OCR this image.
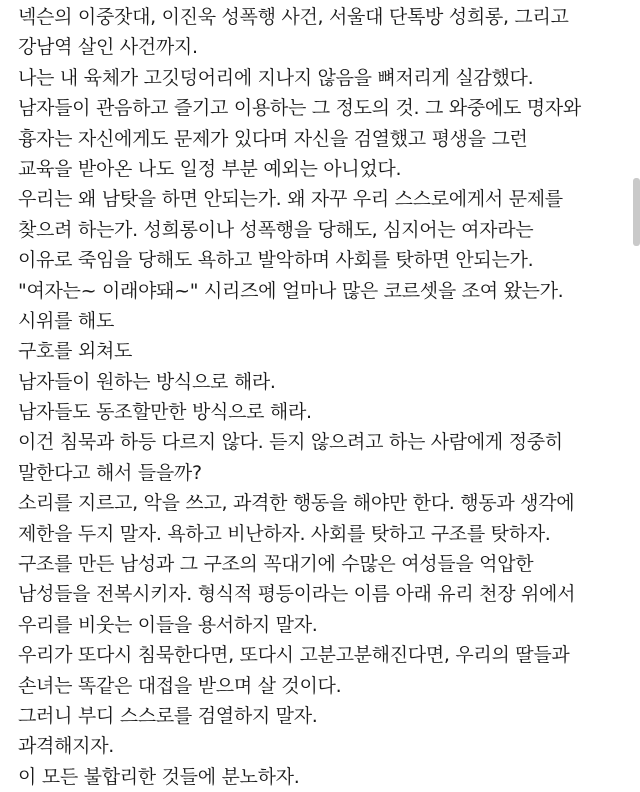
넥슨의 이중잣대, 이진욱 성폭행 사건, 서울대 단톡방 성희롱, 그리고
강남역 살인 사건까지.
나는 내 육체가 고깃덩어리에 지나지 않음을 뼈저리게 실감했다.
남자들이 관음하고 즐기고 이용하는 그 정도의 것. 그 와중에도 명자와
흉자는 자신에게도 문제가 있다며 자신을 검열했고 평생을 그런
교육을 받아온 나도 일정 부분 예외는 아니었다.
우리는 왜 남탓을 하면 안되는가. 왜 자꾸 우리 스스로에게서 문제를
찾으려 하는가. 성희롱이나 성폭행을 당해도, 심지어는 여자라는
이유로 죽임을 당해도 욕하고 발악하며 사회를 탓하면 안되는가.
"여자는~ 이래야돼~" 시리즈에 얼마나 많은 코르셋을 조여 왔는가.
시위를 해도
구호를 외쳐도
남자들이 원하는 방식으로 해라.
남자들도 동조할만한 방식으로 해라.
이건 침묵과 하등 다르지 않다. 듣지 않으려고 하는 사람에게 정중히
말한다고 해서 들을까?
소리를 지르고, 악을 쓰고, 과격한 행동을 해야만 한다. 행동과 생각에
제한을 두지 말자. 욕하고 비난하자. 사회를 탓하고 구조를 탓하자.
구조를 만든 남성과 그 구조의 꼭대기에 수많은 여성들을 억압한
남성들을 전복시키자. 형식적 평등이라는 이름 아래 유리 천장 위에서
우리를 비웃는 이들을 용서하지 말자.
우리가 또다시 침묵한다면, 또다시 고분고분해진다면, 우리의 딸들과
손녀는 똑같은 대접을 받으며 살 것이다.
그러니 부디 스스로를 검열하지 말자.
과격해지자.
이 모든 불합리한 것들에 분노하자.
